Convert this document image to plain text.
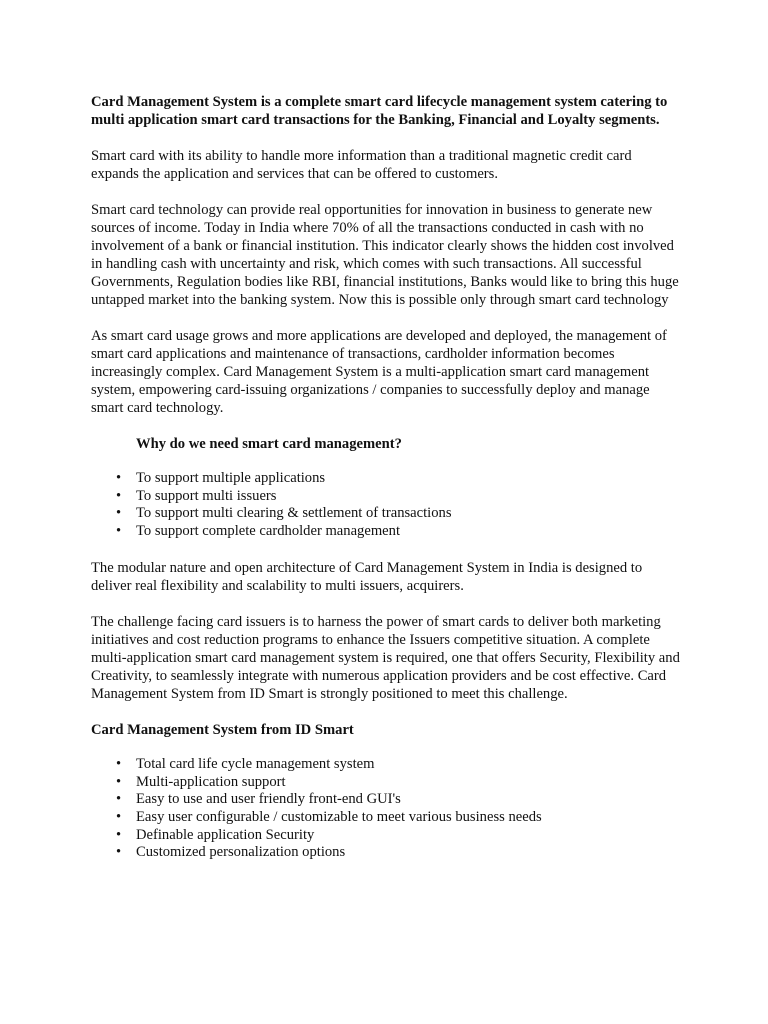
Card Management System is a complete smart card lifecycle management system catering to multi application smart card transactions for the Banking, Financial and Loyalty segments.

Smart card with its ability to handle more information than a traditional magnetic credit card expands the application and services that can be offered to customers.

Smart card technology can provide real opportunities for innovation in business to generate new sources of income. Today in India where 70% of all the transactions conducted in cash with no involvement of a bank or financial institution. This indicator clearly shows the hidden cost involved in handling cash with uncertainty and risk, which comes with such transactions. All successful Governments, Regulation bodies like RBI, financial institutions, Banks would like to bring this huge untapped market into the banking system. Now this is possible only through smart card technology

As smart card usage grows and more applications are developed and deployed, the management of smart card applications and maintenance of transactions, cardholder information becomes increasingly complex. Card Management System is a multi-application smart card management system, empowering card-issuing organizations / companies to successfully deploy and manage smart card technology.

Why do we need smart card management?

• To support multiple applications
• To support multi issuers
• To support multi clearing & settlement of transactions
• To support complete cardholder management

The modular nature and open architecture of Card Management System in India is designed to deliver real flexibility and scalability to multi issuers, acquirers.

The challenge facing card issuers is to harness the power of smart cards to deliver both marketing initiatives and cost reduction programs to enhance the Issuers competitive situation. A complete multi-application smart card management system is required, one that offers Security, Flexibility and Creativity, to seamlessly integrate with numerous application providers and be cost effective. Card Management System from ID Smart is strongly positioned to meet this challenge.

Card Management System from ID Smart

• Total card life cycle management system
• Multi-application support
• Easy to use and user friendly front-end GUI's
• Easy user configurable / customizable to meet various business needs
• Definable application Security
• Customized personalization options
